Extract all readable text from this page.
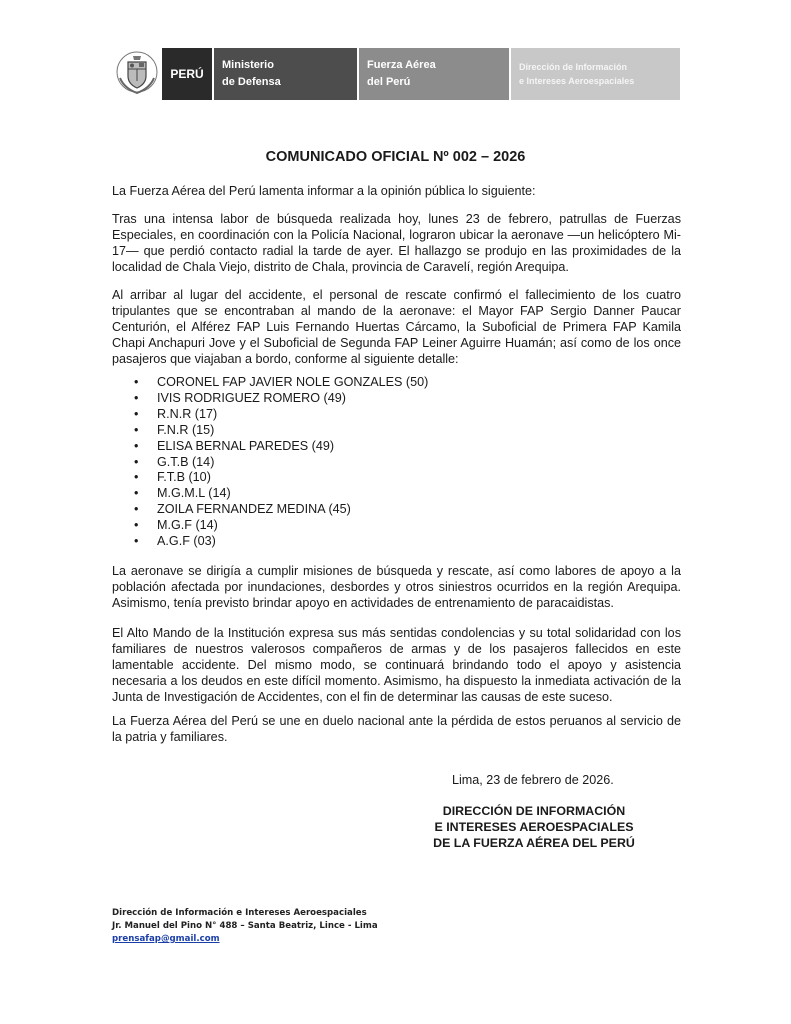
PERÚ
Ministerio
de Defensa
Fuerza Aérea
del Perú
Dirección de Información
e Intereses Aeroespaciales
COMUNICADO OFICIAL Nº 002 – 2026
La Fuerza Aérea del Perú lamenta informar a la opinión pública lo siguiente:
Tras una intensa labor de búsqueda realizada hoy, lunes 23 de febrero, patrullas de Fuerzas Especiales, en coordinación con la Policía Nacional, lograron ubicar la aeronave —un helicóptero Mi-17— que perdió contacto radial la tarde de ayer. El hallazgo se produjo en las proximidades de la localidad de Chala Viejo, distrito de Chala, provincia de Caravelí, región Arequipa.
Al arribar al lugar del accidente, el personal de rescate confirmó el fallecimiento de los cuatro tripulantes que se encontraban al mando de la aeronave: el Mayor FAP Sergio Danner Paucar Centurión, el Alférez FAP Luis Fernando Huertas Cárcamo, la Suboficial de Primera FAP Kamila Chapi Anchapuri Jove y el Suboficial de Segunda FAP Leiner Aguirre Huamán; así como de los once pasajeros que viajaban a bordo, conforme al siguiente detalle:
• CORONEL FAP JAVIER NOLE GONZALES (50)
• IVIS RODRIGUEZ ROMERO (49)
• R.N.R (17)
• F.N.R (15)
• ELISA BERNAL PAREDES (49)
• G.T.B (14)
• F.T.B (10)
• M.G.M.L (14)
• ZOILA FERNANDEZ MEDINA (45)
• M.G.F (14)
• A.G.F (03)
La aeronave se dirigía a cumplir misiones de búsqueda y rescate, así como labores de apoyo a la población afectada por inundaciones, desbordes y otros siniestros ocurridos en la región Arequipa. Asimismo, tenía previsto brindar apoyo en actividades de entrenamiento de paracaidistas.
El Alto Mando de la Institución expresa sus más sentidas condolencias y su total solidaridad con los familiares de nuestros valerosos compañeros de armas y de los pasajeros fallecidos en este lamentable accidente. Del mismo modo, se continuará brindando todo el apoyo y asistencia necesaria a los deudos en este difícil momento. Asimismo, ha dispuesto la inmediata activación de la Junta de Investigación de Accidentes, con el fin de determinar las causas de este suceso.
La Fuerza Aérea del Perú se une en duelo nacional ante la pérdida de estos peruanos al servicio de la patria y familiares.
Lima, 23 de febrero de 2026.
DIRECCIÓN DE INFORMACIÓN
E INTERESES AEROESPACIALES
DE LA FUERZA AÉREA DEL PERÚ
Dirección de Información e Intereses Aeroespaciales
Jr. Manuel del Pino N° 488 – Santa Beatriz, Lince - Lima
prensafap@gmail.com
